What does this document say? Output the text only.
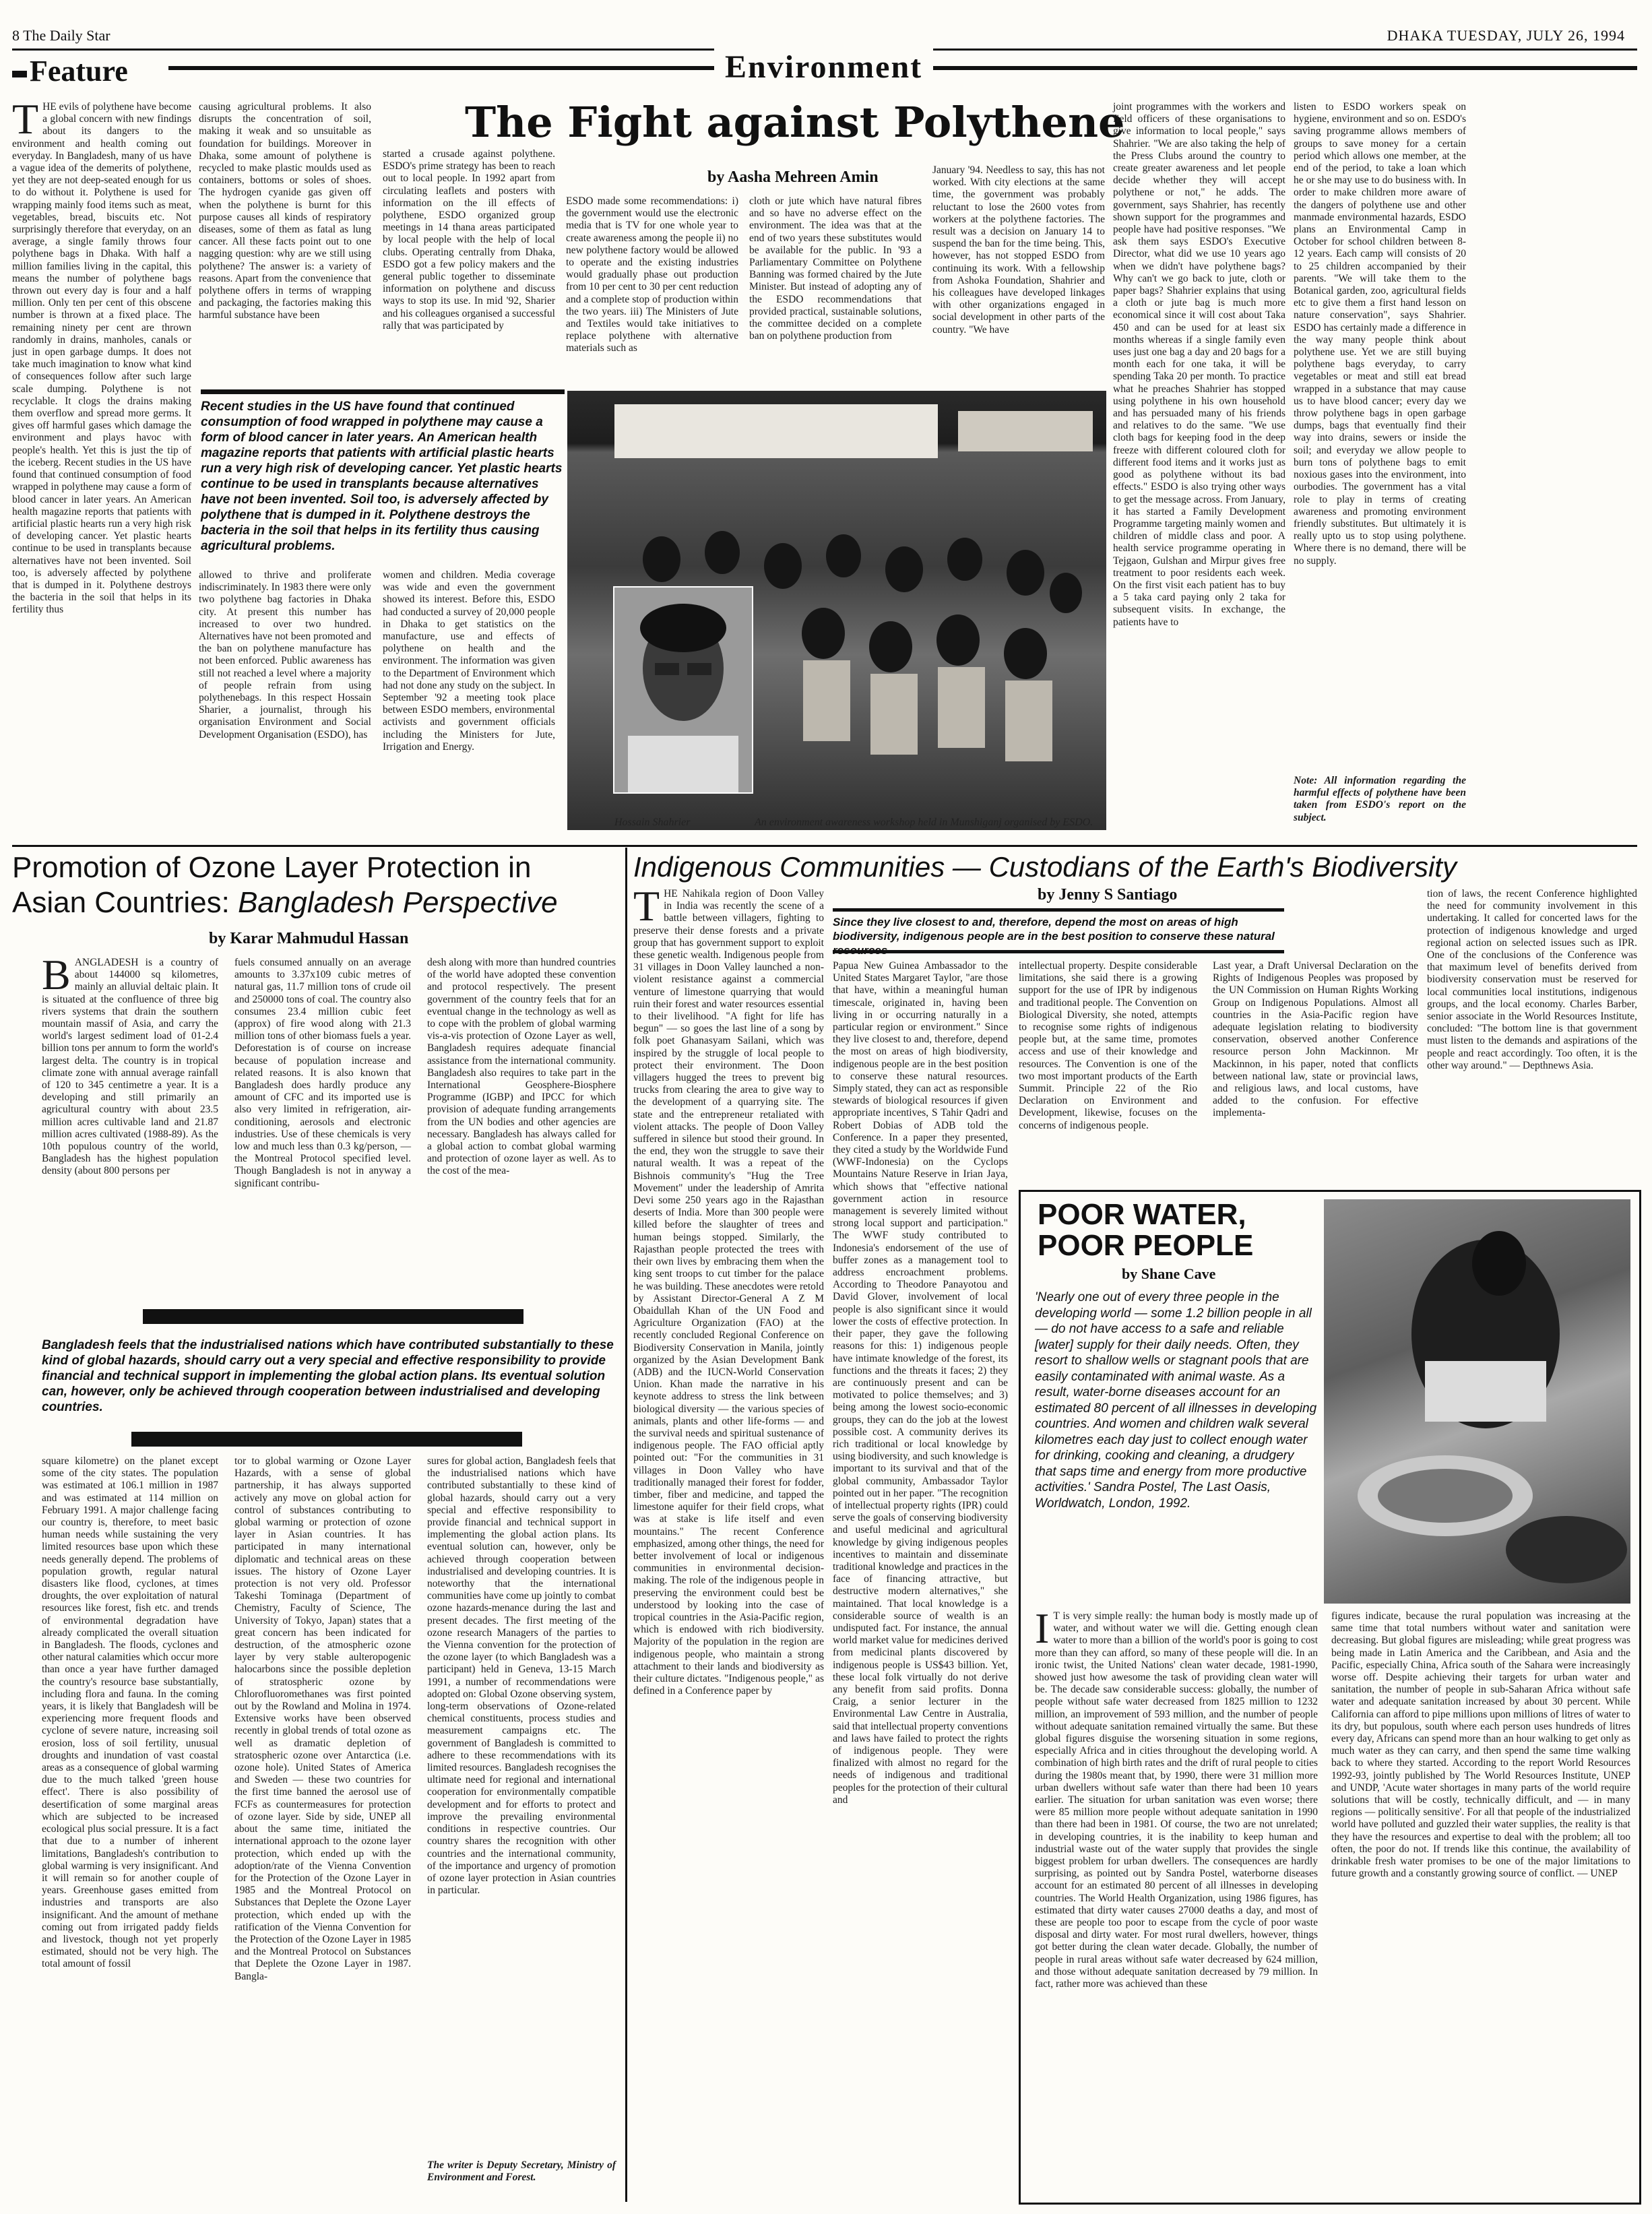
8 The Daily Star	DHAKA TUESDAY, JULY 26, 1994
Feature	Environment
The Fight against Polythene
by Aasha Mehreen Amin
THE evils of polythene have become a global concern with new findings about its dangers to the environment and health coming out everyday. In Bangladesh, many of us have a vague idea of the demerits of polythene, yet they are not deep-seated enough for us to do without it. Polythene is used for wrapping mainly food items such as meat, vegetables, bread, biscuits etc. Not surprisingly therefore that everyday, on an average, a single family throws four polythene bags in Dhaka. With half a million families living in the capital, this means the number of polythene bags thrown out every day is four and a half million. Only ten per cent of this obscene number is thrown at a fixed place. The remaining ninety per cent are thrown randomly in drains, manholes, canals or just in open garbage dumps. It does not take much imagination to know what kind of consequences follow after such large scale dumping. Polythene is not recyclable. It clogs the drains making them overflow and spread more germs. It gives off harmful gases which damage the environment and plays havoc with people's health. Yet this is just the tip of the iceberg. Recent studies in the US have found that continued consumption of food wrapped in polythene may cause a form of blood cancer in later years. An American health magazine reports that patients with artificial plastic hearts run a very high risk of developing cancer. Yet plastic hearts continue to be used in transplants because alternatives have not been invented. Soil too, is adversely affected by polythene that is dumped in it. Polythene destroys the bacteria in the soil that helps in its fertility thus
causing agricultural problems. It also disrupts the concentration of soil, making it weak and so unsuitable as foundation for buildings. Moreover in Dhaka, some amount of polythene is recycled to make plastic moulds used as containers, bottoms or soles of shoes. The hydrogen cyanide gas given off when the polythene is burnt for this purpose causes all kinds of respiratory diseases, some of them as fatal as lung cancer. All these facts point out to one nagging question: why are we still using polythene? The answer is: a variety of reasons. Apart from the convenience that polythene offers in terms of wrapping and packaging, the factories making this harmful substance have been
started a crusade against polythene. ESDO's prime strategy has been to reach out to local people. In 1992 apart from circulating leaflets and posters with information on the ill effects of polythene, ESDO organized group meetings in 14 thana areas participated by local people with the help of local clubs. Operating centrally from Dhaka, ESDO got a few policy makers and the general public together to disseminate information on polythene and discuss ways to stop its use. In mid '92, Sharier and his colleagues organised a successful rally that was participated by
ESDO made some recommendations: i) the government would use the electronic media that is TV for one whole year to create awareness among the people ii) no new polythene factory would be allowed to operate and the existing industries would gradually phase out production from 10 per cent to 30 per cent reduction and a complete stop of production within the two years. iii) The Ministers of Jute and Textiles would take initiatives to replace polythene with alternative materials such as
cloth or jute which have natural fibres and so have no adverse effect on the environment. The idea was that at the end of two years these substitutes would be available for the public. In '93 a Parliamentary Committee on Polythene Banning was formed chaired by the Jute Minister. But instead of adopting any of the ESDO recommendations that provided practical, sustainable solutions, the committee decided on a complete ban on polythene production from
January '94. Needless to say, this has not worked. With city elections at the same time, the government was probably reluctant to lose the 2600 votes from workers at the polythene factories. The result was a decision on January 14 to suspend the ban for the time being. This, however, has not stopped ESDO from continuing its work. With a fellowship from Ashoka Foundation, Shahrier and his colleagues have developed linkages with other organizations engaged in social development in other parts of the country. "We have
joint programmes with the workers and field officers of these organisations to give information to local people," says Shahrier. "We are also taking the help of the Press Clubs around the country to create greater awareness and let people decide whether they will accept polythene or not," he adds. The government, says Shahrier, has recently shown support for the programmes and people have had positive responses. "We ask them says ESDO's Executive Director, what did we use 10 years ago when we didn't have polythene bags? Why can't we go back to jute, cloth or paper bags? Shahrier explains that using a cloth or jute bag is much more economical since it will cost about Taka 450 and can be used for at least six months whereas if a single family even uses just one bag a day and 20 bags for a month each for one taka, it will be spending Taka 20 per month. To practice what he preaches Shahrier has stopped using polythene in his own household and has persuaded many of his friends and relatives to do the same. "We use cloth bags for keeping food in the deep freeze with different coloured cloth for different food items and it works just as good as polythene without its bad effects." ESDO is also trying other ways to get the message across. From January, it has started a Family Development Programme targeting mainly women and children of middle class and poor. A health service programme operating in Tejgaon, Gulshan and Mirpur gives free treatment to poor residents each week. On the first visit each patient has to buy a 5 taka card paying only 2 taka for subsequent visits. In exchange, the patients have to
listen to ESDO workers speak on hygiene, environment and so on. ESDO's saving programme allows members of groups to save money for a certain period which allows one member, at the end of the period, to take a loan which he or she may use to do business with. In order to make children more aware of the dangers of polythene use and other manmade environmental hazards, ESDO plans an Environmental Camp in October for school children between 8-12 years. Each camp will consists of 20 to 25 children accompanied by their parents. "We will take them to the Botanical garden, zoo, agricultural fields etc to give them a first hand lesson on nature conservation", says Shahrier. ESDO has certainly made a difference in the way many people think about polythene use. Yet we are still buying polythene bags everyday, to carry vegetables or meat and still eat bread wrapped in a substance that may cause us to have blood cancer; every day we throw polythene bags in open garbage dumps, bags that eventually find their way into drains, sewers or inside the soil; and everyday we allow people to burn tons of polythene bags to emit noxious gases into the environment, into ourbodies. The government has a vital role to play in terms of creating awareness and promoting environment friendly substitutes. But ultimately it is really upto us to stop using polythene. Where there is no demand, there will be no supply.
Note: All information regarding the harmful effects of polythene have been taken from ESDO's report on the subject.
Recent studies in the US have found that continued consumption of food wrapped in polythene may cause a form of blood cancer in later years. An American health magazine reports that patients with artificial plastic hearts run a very high risk of developing cancer. Yet plastic hearts continue to be used in transplants because alternatives have not been invented. Soil too, is adversely affected by polythene that is dumped in it. Polythene destroys the bacteria in the soil that helps in its fertility thus causing agricultural problems.
allowed to thrive and proliferate indiscriminately. In 1983 there were only two polythene bag factories in Dhaka city. At present this number has increased to over two hundred. Alternatives have not been promoted and the ban on polythene manufacture has not been enforced. Public awareness has still not reached a level where a majority of people refrain from using polythenebags. In this respect Hossain Sharier, a journalist, through his organisation Environment and Social Development Organisation (ESDO), has
women and children. Media coverage was wide and even the government showed its interest. Before this, ESDO had conducted a survey of 20,000 people in Dhaka to get statistics on the manufacture, use and effects of polythene on health and the environment. The information was given to the Department of Environment which had not done any study on the subject. In September '92 a meeting took place between ESDO members, environmental activists and government officials including the Ministers for Jute, Irrigation and Energy.
Hossain Shahrier	An environment awareness workshop held in Munshiganj organised by ESDO.
Promotion of Ozone Layer Protection in
Asian Countries: Bangladesh Perspective
by Karar Mahmudul Hassan
BANGLADESH is a country of about 144000 sq kilometres, mainly an alluvial deltaic plain. It is situated at the confluence of three big rivers systems that drain the southern mountain massif of Asia, and carry the world's largest sediment load of 01-2.4 billion tons per annum to form the world's largest delta. The country is in tropical climate zone with annual average rainfall of 120 to 345 centimetre a year. It is a developing and still primarily an agricultural country with about 23.5 million acres cultivable land and 21.87 million acres cultivated (1988-89). As the 10th populous country of the world, Bangladesh has the highest population density (about 800 persons per
fuels consumed annually on an average amounts to 3.37x109 cubic metres of natural gas, 11.7 million tons of crude oil and 250000 tons of coal. The country also consumes 23.4 million cubic feet (approx) of fire wood along with 21.3 million tons of other biomass fuels a year. Deforestation is of course on increase because of population increase and related reasons. It is also known that Bangladesh does hardly produce any amount of CFC and its imported use is also very limited in refrigeration, air-conditioning, aerosols and electronic industries. Use of these chemicals is very low and much less than 0.3 kg/person, — the Montreal Protocol specified level. Though Bangladesh is not in anyway a significant contribu-
desh along with more than hundred countries of the world have adopted these convention and protocol respectively. The present government of the country feels that for an eventual change in the technology as well as to cope with the problem of global warming vis-a-vis protection of Ozone Layer as well, Bangladesh requires adequate financial assistance from the international community. Bangladesh also requires to take part in the International Geosphere-Biosphere Programme (IGBP) and IPCC for which provision of adequate funding arrangements from the UN bodies and other agencies are necessary. Bangladesh has always called for a global action to combat global warming and protection of ozone layer as well. As to the cost of the mea-
Bangladesh feels that the industrialised nations which have contributed substantially to these kind of global hazards, should carry out a very special and effective responsibility to provide financial and technical support in implementing the global action plans. Its eventual solution can, however, only be achieved through cooperation between industrialised and developing countries.
square kilometre) on the planet except some of the city states. The population was estimated at 106.1 million in 1987 and was estimated at 114 million on February 1991. A major challenge facing our country is, therefore, to meet basic human needs while sustaining the very limited resources base upon which these needs generally depend. The problems of population growth, regular natural disasters like flood, cyclones, at times droughts, the over exploitation of natural resources like forest, fish etc. and trends of environmental degradation have already complicated the overall situation in Bangladesh. The floods, cyclones and other natural calamities which occur more than once a year have further damaged the country's resource base substantially, including flora and fauna. In the coming years, it is likely that Bangladesh will be experiencing more frequent floods and cyclone of severe nature, increasing soil erosion, loss of soil fertility, unusual droughts and inundation of vast coastal areas as a consequence of global warming due to the much talked 'green house effect'. There is also possibility of desertification of some marginal areas which are subjected to be increased ecological plus social pressure. It is a fact that due to a number of inherent limitations, Bangladesh's contribution to global warming is very insignificant. And it will remain so for another couple of years. Greenhouse gases emitted from industries and transports are also insignificant. And the amount of methane coming out from irrigated paddy fields and livestock, though not yet properly estimated, should not be very high. The total amount of fossil
tor to global warming or Ozone Layer Hazards, with a sense of global partnership, it has always supported actively any move on global action for control of substances contributing to global warming or protection of ozone layer in Asian countries. It has participated in many international diplomatic and technical areas on these issues. The history of Ozone Layer protection is not very old. Professor Takeshi Tominaga (Department of Chemistry, Faculty of Science, The University of Tokyo, Japan) states that a great concern has been indicated for destruction, of the atmospheric ozone layer by very stable aulteropogenic halocarbons since the possible depletion of stratospheric ozone by Chlorofluoromethanes was first pointed out by the Rowland and Molina in 1974. Extensive works have been observed recently in global trends of total ozone as well as dramatic depletion of stratospheric ozone over Antarctica (i.e. ozone hole). United States of America and Sweden — these two countries for the first time banned the aerosol use of FCFs as countermeasures for protection of ozone layer. Side by side, UNEP all about the same time, initiated the international approach to the ozone layer protection, which ended up with the adoption/rate of the Vienna Convention for the Protection of the Ozone Layer in 1985 and the Montreal Protocol on Substances that Deplete the Ozone Layer protection, which ended up with the ratification of the Vienna Convention for the Protection of the Ozone Layer in 1985 and the Montreal Protocol on Substances that Deplete the Ozone Layer in 1987. Bangla-
sures for global action, Bangladesh feels that the industrialised nations which have contributed substantially to these kind of global hazards, should carry out a very special and effective responsibility to provide financial and technical support in implementing the global action plans. Its eventual solution can, however, only be achieved through cooperation between industrialised and developing countries. It is noteworthy that the international communities have come up jointly to combat ozone hazards-menance during the last and present decades. The first meeting of the ozone research Managers of the parties to the Vienna convention for the protection of the ozone layer (to which Bangladesh was a participant) held in Geneva, 13-15 March 1991, a number of recommendations were adopted on: Global Ozone observing system, long-term observations of Ozone-related chemical constituents, process studies and measurement campaigns etc. The government of Bangladesh is committed to adhere to these recommendations with its limited resources. Bangladesh recognises the ultimate need for regional and international cooperation for environmentally compatible development and for efforts to protect and improve the prevailing environmental conditions in respective countries. Our country shares the recognition with other countries and the international community, of the importance and urgency of promotion of ozone layer protection in Asian countries in particular.
The writer is Deputy Secretary, Ministry of Environment and Forest.
Indigenous Communities — Custodians of the Earth's Biodiversity
by Jenny S Santiago
Since they live closest to and, therefore, depend the most on areas of high biodiversity, indigenous people are in the best position to conserve these natural
THE Nahikala region of Doon Valley in India was recently the scene of a battle between villagers, fighting to preserve their dense forests and a private group that has government support to exploit these genetic wealth. Indigenous people from 31 villages in Doon Valley launched a non-violent resistance against a commercial venture of limestone quarrying that would ruin their forest and water resources essential to their livelihood. "A fight for life has begun" — so goes the last line of a song by folk poet Ghanasyam Sailani, which was inspired by the struggle of local people to protect their environment. The Doon villagers hugged the trees to prevent big trucks from clearing the area to give way to the development of a quarrying site. The state and the entrepreneur retaliated with violent attacks. The people of Doon Valley suffered in silence but stood their ground. In the end, they won the struggle to save their natural wealth. It was a repeat of the Bishnois community's "Hug the Tree Movement" under the leadership of Amrita Devi some 250 years ago in the Rajasthan deserts of India. More than 300 people were killed before the slaughter of trees and human beings stopped. Similarly, the Rajasthan people protected the trees with their own lives by embracing them when the king sent troops to cut timber for the palace he was building. These anecdotes were retold by Assistant Director-General A Z M Obaidullah Khan of the UN Food and Agriculture Organization (FAO) at the recently concluded Regional Conference on Biodiversity Conservation in Manila, jointly organized by the Asian Development Bank (ADB) and the IUCN-World Conservation Union. Khan made the narrative in his keynote address to stress the link between biological diversity — the various species of animals, plants and other life-forms — and the survival needs and spiritual sustenance of indigenous people. The FAO official aptly pointed out: "For the communities in 31 villages in Doon Valley who have traditionally managed their forest for fodder, timber, fiber and medicine, and tapped the limestone aquifer for their field crops, what was at stake is life itself and even mountains." The recent Conference emphasized, among other things, the need for better involvement of local or indigenous communities in environmental decision-making. The role of the indigenous people in preserving the environment could best be understood by looking into the case of tropical countries in the Asia-Pacific region, which is endowed with rich biodiversity. Majority of the population in the region are indigenous people, who maintain a strong attachment to their lands and biodiversity as their culture dictates. "Indigenous people," as defined in a Conference paper by
Papua New Guinea Ambassador to the United States Margaret Taylor, "are those that have, within a meaningful human timescale, originated in, having been living in or occurring naturally in a particular region or environment." Since they live closest to and, therefore, depend the most on areas of high biodiversity, indigenous people are in the best position to conserve these natural resources. Simply stated, they can act as responsible stewards of biological resources if given appropriate incentives, S Tahir Qadri and Robert Dobias of ADB told the Conference. In a paper they presented, they cited a study by the Worldwide Fund (WWF-Indonesia) on the Cyclops Mountains Nature Reserve in Irian Jaya, which shows that "effective national government action in resource management is severely limited without strong local support and participation." The WWF study contributed to Indonesia's endorsement of the use of buffer zones as a management tool to address encroachment problems. According to Theodore Panayotou and David Glover, involvement of local people is also significant since it would lower the costs of effective protection. In their paper, they gave the following reasons for this: 1) indigenous people have intimate knowledge of the forest, its functions and the threats it faces; 2) they are continuously present and can be motivated to police themselves; and 3) being among the lowest socio-economic groups, they can do the job at the lowest possible cost. A community derives its rich traditional or local knowledge by using biodiversity, and such knowledge is important to its survival and that of the global community, Ambassador Taylor pointed out in her paper. "The recognition of intellectual property rights (IPR) could serve the goals of conserving biodiversity and useful medicinal and agricultural knowledge by giving indigenous peoples incentives to maintain and disseminate traditional knowledge and practices in the face of financing attractive, but destructive modern alternatives," she maintained. That local knowledge is a considerable source of wealth is an undisputed fact. For instance, the annual world market value for medicines derived from medicinal plants discovered by indigenous people is US$43 billion. Yet, these local folk virtually do not derive any benefit from said profits. Donna Craig, a senior lecturer in the Environmental Law Centre in Australia, said that intellectual property conventions and laws have failed to protect the rights of indigenous people. They were finalized with almost no regard for the needs of indigenous and traditional peoples for the protection of their cultural and
intellectual property. Despite considerable limitations, she said there is a growing support for the use of IPR by indigenous and traditional people. The Convention on Biological Diversity, she noted, attempts to recognise some rights of indigenous people but, at the same time, promotes access and use of their knowledge and resources. The Convention is one of the two most important products of the Earth Summit. Principle 22 of the Rio Declaration on Environment and Development, likewise, focuses on the concerns of indigenous people.
Last year, a Draft Universal Declaration on the Rights of Indigenous Peoples was proposed by the UN Commission on Human Rights Working Group on Indigenous Populations. Almost all countries in the Asia-Pacific region have adequate legislation relating to biodiversity conservation, observed another Conference resource person John Mackinnon. Mr Mackinnon, in his paper, noted that conflicts between national law, state or provincial laws, and religious laws, and local customs, have added to the confusion. For effective implementa-
tion of laws, the recent Conference highlighted the need for community involvement in this undertaking. It called for concerted laws for the protection of indigenous knowledge and urged regional action on selected issues such as IPR. One of the conclusions of the Conference was that maximum level of benefits derived from biodiversity conservation must be reserved for local communities local institutions, indigenous groups, and the local economy. Charles Barber, senior associate in the World Resources Institute, concluded: "The bottom line is that government must listen to the demands and aspirations of the people and react accordingly. Too often, it is the other way around." — Depthnews Asia.
POOR WATER,
POOR PEOPLE
by Shane Cave
'Nearly one out of every three people in the developing world — some 1.2 billion people in all — do not have access to a safe and reliable [water] supply for their daily needs. Often, they resort to shallow wells or stagnant pools that are easily contaminated with animal waste. As a result, water-borne diseases account for an estimated 80 percent of all illnesses in developing countries. And women and children walk several kilometres each day just to collect enough water for drinking, cooking and cleaning, a drudgery that saps time and energy from more productive activities.' Sandra Postel, The Last Oasis, Worldwatch, London, 1992.
I T is very simple really: the human body is mostly made up of water, and without water we will die. Getting enough clean water to more than a billion of the world's poor is going to cost more than they can afford, so many of these people will die. In an ironic twist, the United Nations' clean water decade, 1981-1990, showed just how awesome the task of providing clean water will be. The decade saw considerable success: globally, the number of people without safe water decreased from 1825 million to 1232 million, an improvement of 593 million, and the number of people without adequate sanitation remained virtually the same. But these global figures disguise the worsening situation in some regions, especially Africa and in cities throughout the developing world. A combination of high birth rates and the drift of rural people to cities during the 1980s meant that, by 1990, there were 31 million more urban dwellers without safe water than there had been 10 years earlier. The situation for urban sanitation was even worse; there were 85 million more people without adequate sanitation in 1990 than there had been in 1981. Of course, the two are not unrelated; in developing countries, it is the inability to keep human and industrial waste out of the water supply that provides the single biggest problem for urban dwellers. The consequences are hardly surprising, as pointed out by Sandra Postel, waterborne diseases account for an estimated 80 percent of all illnesses in developing countries. The World Health Organization, using 1986 figures, has estimated that dirty water causes 27000 deaths a day, and most of these are people too poor to escape from the cycle of poor waste disposal and dirty water. For most rural dwellers, however, things got better during the clean water decade. Globally, the number of people in rural areas without safe water decreased by 624 million, and those without adequate sanitation decreased by 79 million. In fact, rather more was achieved than these
figures indicate, because the rural population was increasing at the same time that total numbers without water and sanitation were decreasing. But global figures are misleading; while great progress was being made in Latin America and the Caribbean, and Asia and the Pacific, especially China, Africa south of the Sahara were increasingly worse off. Despite achieving their targets for urban water and sanitation, the number of people in sub-Saharan Africa without safe water and adequate sanitation increased by about 30 percent. While California can afford to pipe millions upon millions of litres of water to its dry, but populous, south where each person uses hundreds of litres every day, Africans can spend more than an hour walking to get only as much water as they can carry, and then spend the same time walking back to where they started. According to the report World Resources 1992-93, jointly published by The World Resources Institute, UNEP and UNDP, 'Acute water shortages in many parts of the world require solutions that will be costly, technically difficult, and — in many regions — politically sensitive'. For all that people of the industrialized world have polluted and guzzled their water supplies, the reality is that they have the resources and expertise to deal with the problem; all too often, the poor do not. If trends like this continue, the availability of drinkable fresh water promises to be one of the major limitations to future growth and a constantly growing source of conflict. — UNEP
